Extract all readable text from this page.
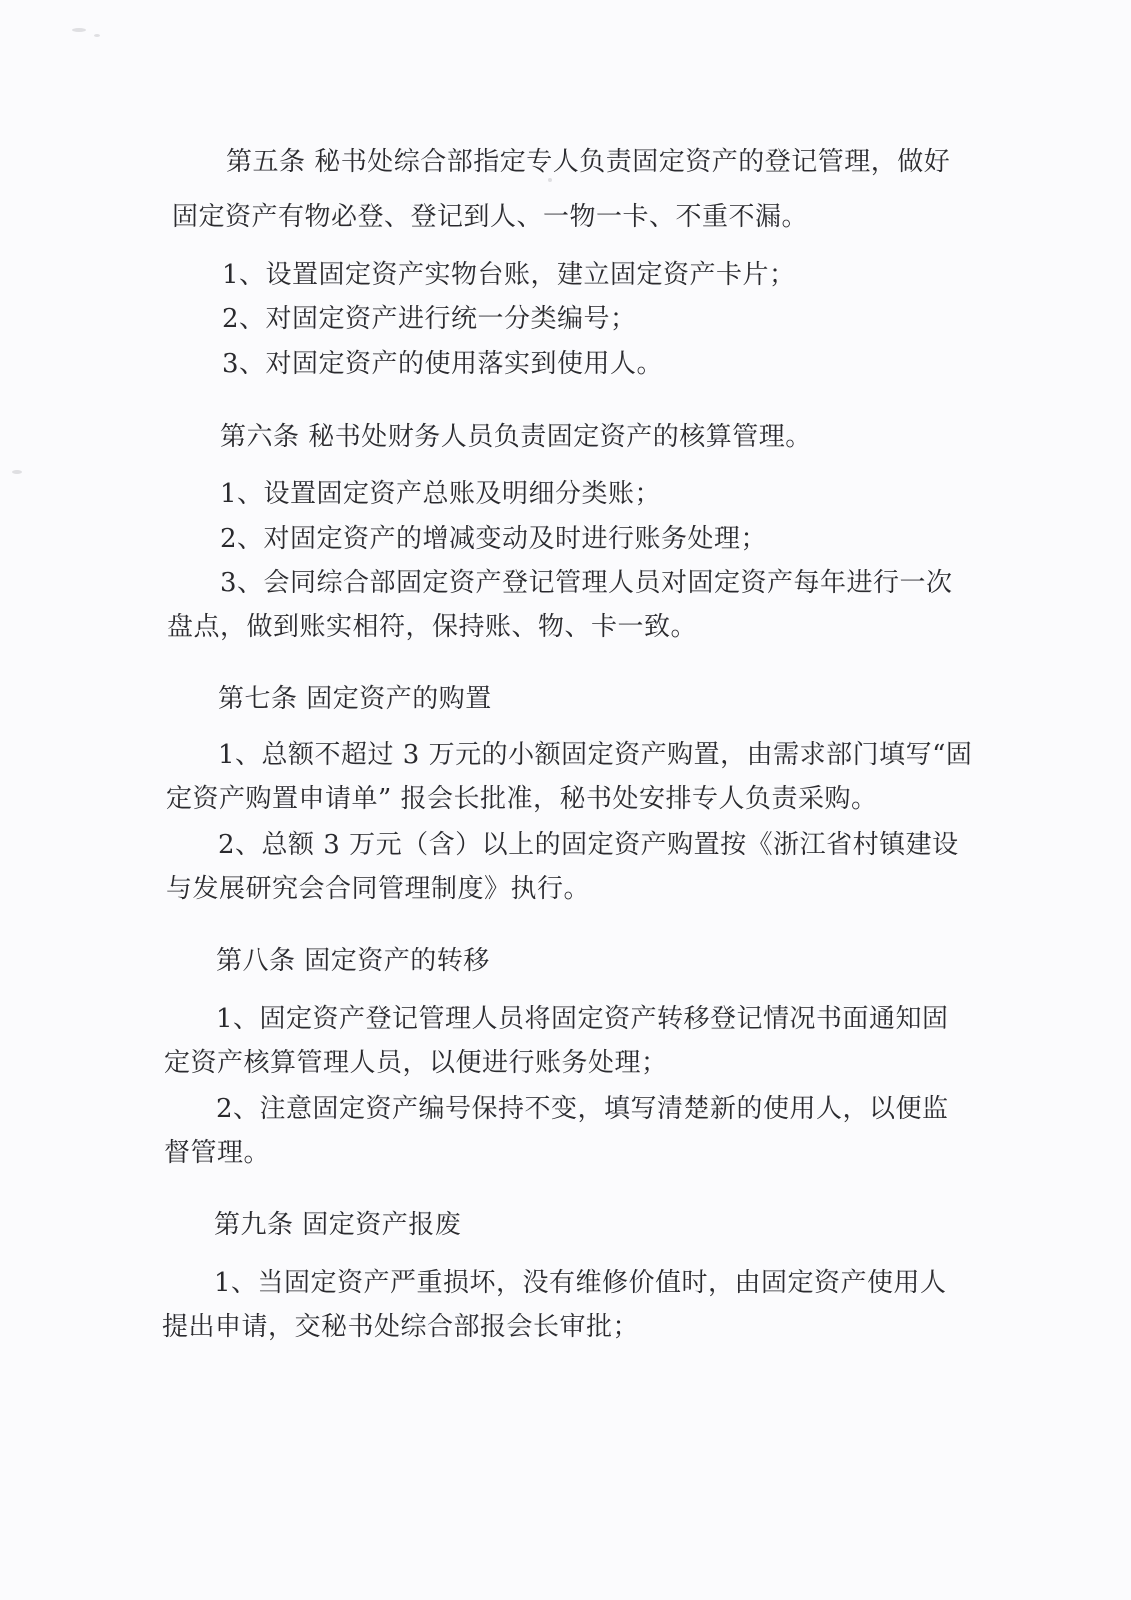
第五条 秘书处综合部指定专人负责固定资产的登记管理，做好
固定资产有物必登、登记到人、一物一卡、不重不漏。
1、设置固定资产实物台账，建立固定资产卡片；
2、对固定资产进行统一分类编号；
3、对固定资产的使用落实到使用人。
第六条 秘书处财务人员负责固定资产的核算管理。
1、设置固定资产总账及明细分类账；
2、对固定资产的增减变动及时进行账务处理；
3、会同综合部固定资产登记管理人员对固定资产每年进行一次
盘点，做到账实相符，保持账、物、卡一致。
第七条 固定资产的购置
1、总额不超过 3 万元的小额固定资产购置，由需求部门填写“固
定资产购置申请单” 报会长批准，秘书处安排专人负责采购。
2、总额 3 万元（含）以上的固定资产购置按《浙江省村镇建设
与发展研究会合同管理制度》执行。
第八条 固定资产的转移
1、固定资产登记管理人员将固定资产转移登记情况书面通知固
定资产核算管理人员，以便进行账务处理；
2、注意固定资产编号保持不变，填写清楚新的使用人，以便监
督管理。
第九条 固定资产报废
1、当固定资产严重损坏，没有维修价值时，由固定资产使用人
提出申请，交秘书处综合部报会长审批；
